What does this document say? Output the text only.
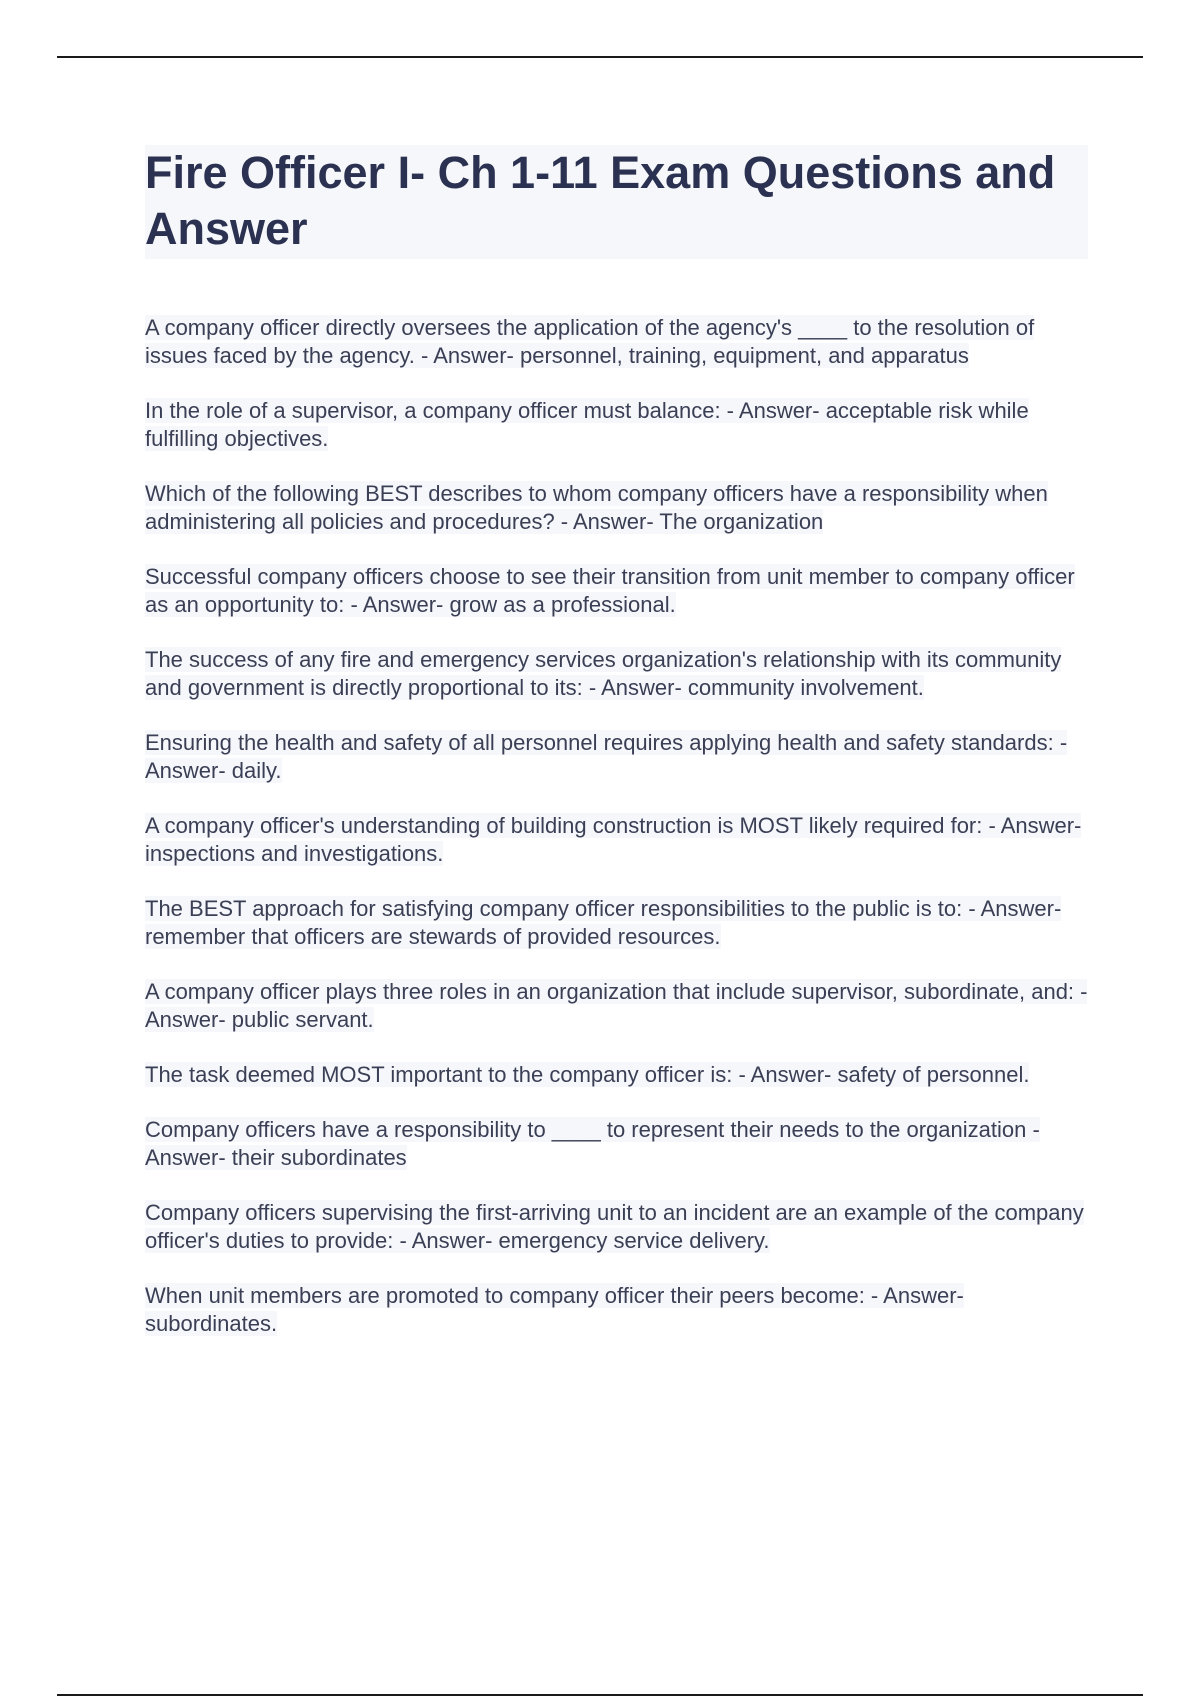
Fire Officer I- Ch 1-11 Exam Questions and Answer

A company officer directly oversees the application of the agency's ____ to the resolution of issues faced by the agency. - Answer- personnel, training, equipment, and apparatus

In the role of a supervisor, a company officer must balance: - Answer- acceptable risk while fulfilling objectives.

Which of the following BEST describes to whom company officers have a responsibility when administering all policies and procedures? - Answer- The organization

Successful company officers choose to see their transition from unit member to company officer as an opportunity to: - Answer- grow as a professional.

The success of any fire and emergency services organization's relationship with its community and government is directly proportional to its: - Answer- community involvement.

Ensuring the health and safety of all personnel requires applying health and safety standards: - Answer- daily.

A company officer's understanding of building construction is MOST likely required for: - Answer- inspections and investigations.

The BEST approach for satisfying company officer responsibilities to the public is to: - Answer- remember that officers are stewards of provided resources.

A company officer plays three roles in an organization that include supervisor, subordinate, and: - Answer- public servant.

The task deemed MOST important to the company officer is: - Answer- safety of personnel.

Company officers have a responsibility to ____ to represent their needs to the organization - Answer- their subordinates

Company officers supervising the first-arriving unit to an incident are an example of the company officer's duties to provide: - Answer- emergency service delivery.

When unit members are promoted to company officer their peers become: - Answer- subordinates.
